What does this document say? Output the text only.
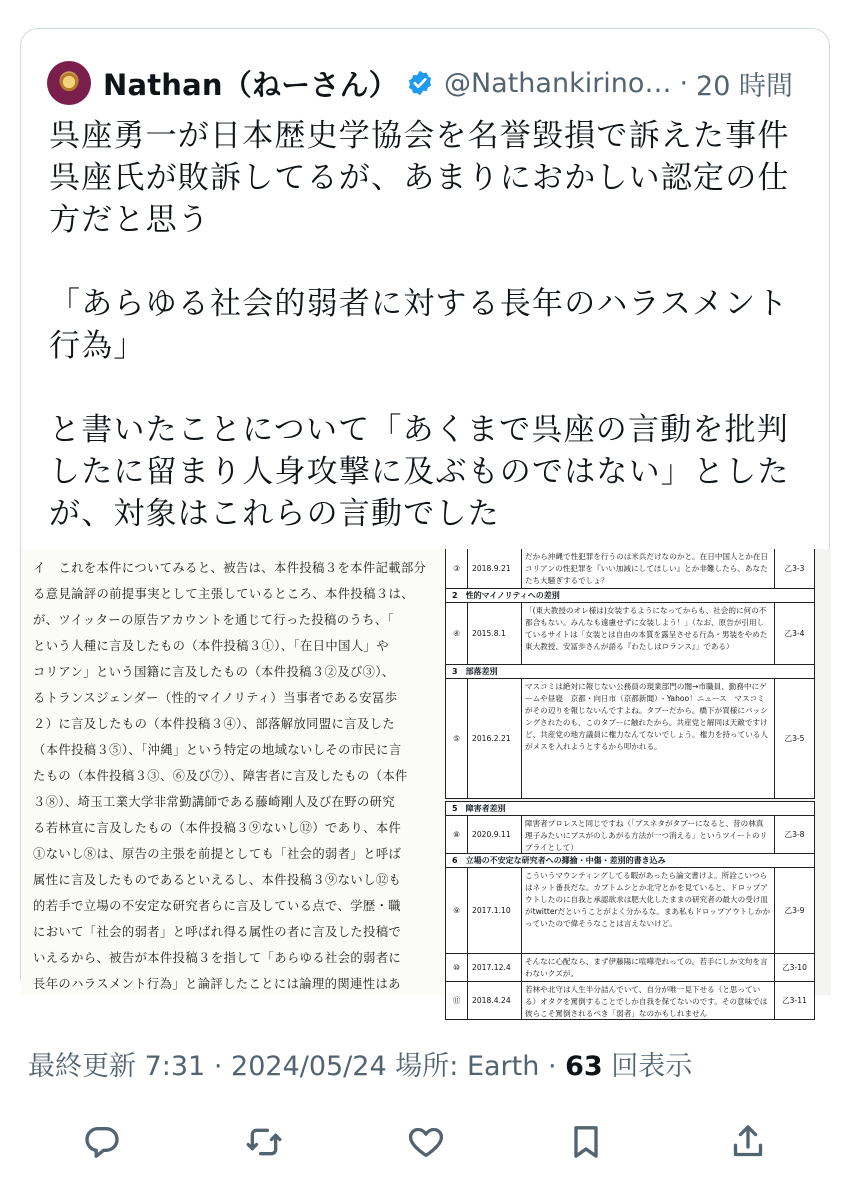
Nathan（ねーさん） @Nathankirino… · 20 時間
呉座勇一が日本歴史学協会を名誉毀損で訴えた事件呉座氏が敗訴してるが、あまりにおかしい認定の仕方だと思う
「あらゆる社会的弱者に対する長年のハラスメント行為」
と書いたことについて「あくまで呉座の言動を批判したに留まり人身攻撃に及ぶものではない」としたが、対象はこれらの言動でした
イ　これを本件についてみると、被告は、本件投稿３を本件記載部分
る意見論評の前提事実として主張しているところ、本件投稿３は、
が、ツイッターの原告アカウントを通じて行った投稿のうち、「
という人種に言及したもの（本件投稿３①）、「在日中国人」や
コリアン」という国籍に言及したもの（本件投稿３②及び③）、
るトランスジェンダー（性的マイノリティ）当事者である安冨歩
２）に言及したもの（本件投稿３④）、部落解放同盟に言及した
（本件投稿３⑤）、「沖縄」という特定の地域ないしその市民に言
たもの（本件投稿３③、⑥及び⑦）、障害者に言及したもの（本件
３⑧）、埼玉工業大学非常勤講師である藤崎剛人及び在野の研究
る若林宣に言及したもの（本件投稿３⑨ないし⑫）であり、本件
①ないし⑧は、原告の主張を前提としても「社会的弱者」と呼ば
属性に言及したものであるといえるし、本件投稿３⑨ないし⑫も
的若手で立場の不安定な研究者らに言及している点で、学歴・職
において「社会的弱者」と呼ばれ得る属性の者に言及した投稿で
いえるから、被告が本件投稿３を指して「あらゆる社会的弱者に
長年のハラスメント行為」と論評したことには論理的関連性はあ
③	2018.9.21
だから沖縄で性犯罪を行うのは米兵だけなのかと。在日中国人とか在日コリアンの性犯罪を『いい加減にしてほしい』とか非難したら、あなたたち大騒ぎするでしょ？
乙3-3
2　性的マイノリティへの差別
④	2015.8.1
「(東大教授のオレ様は)女装するようになってからも、社会的に何の不都合もない。みんなも遠慮せずに女装しよう！」（なお、原告が引用しているサイトは「女装とは自由の本質を露呈させる行為・男装をやめた東大教授、安冨歩さんが語る『わたしはロランス』」である）
乙3-4
3　部落差別
⑤	2016.2.21
マスコミは絶対に報じない公務員の現業部門の闇→市職員、勤務中にゲームや昼寝　京都・向日市（京都新聞）- Yahoo！ニュース　マスコミがその辺りを報じないんですよね。タブーだから。橋下が買様にバッシングされたのも、このタブーに触れたから。共産党と解同は天敵ですけど、共産党の地方議員に権力なんてないでしょう。権力を持っている人がメスを入れようとするから叩かれる。
乙3-5
5　障害者差別
⑧	2020.9.11
障害者プロレスと同じですね（「ブスネタがタブーになると、昔の林真理子みたいにブスがのしあがる方法が一つ消える」というツイートのリプライとして）
乙3-8
6　立場の不安定な研究者への揶揄・中傷・差別的書き込み
⑨	2017.1.10
こういうマウンティングしてる暇があったら論文書けよ。所詮こいつらはネット番長だな。カブトムシとか北守とかを見ていると、ドロップアウトしたのに自我と承認欲求は肥大化したままの研究者の最大の受け皿がtwitterだということがよく分かるな。まあ私もドロップアウトしかかっていたので偉そうなことは言えないけど。
乙3-9
⑩	2017.12.4
そんなに心配なら、まず伊藤陽に喧嘩売れっての。若手にしか文句を言わないクズが。
乙3-10
⑪	2018.4.24
若林や北守は人生半分詰んでいて、自分が唯一見下せる（と思っている）オタクを罵倒することでしか自我を保てないのです。その意味では彼らこそ罵倒されるべき「弱者」なのかもしれません
乙3-11
最終更新 7:31 · 2024/05/24 場所: Earth · 63 回表示
